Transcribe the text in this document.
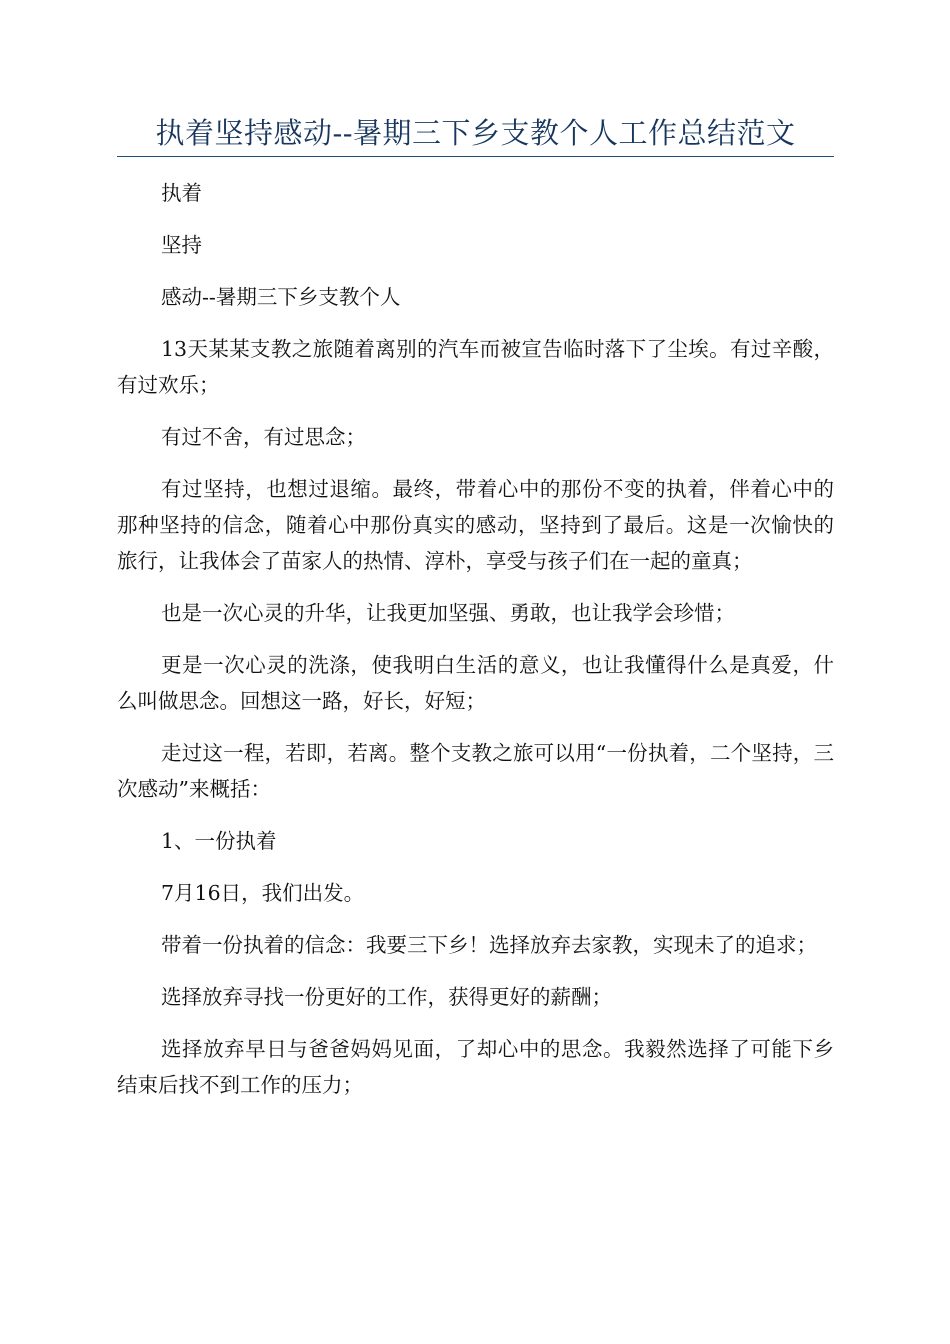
执着坚持感动--暑期三下乡支教个人工作总结范文

执着

坚持

感动--暑期三下乡支教个人

13天某某支教之旅随着离别的汽车而被宣告临时落下了尘埃。有过辛酸，有过欢乐；

有过不舍，有过思念；

有过坚持，也想过退缩。最终，带着心中的那份不变的执着，伴着心中的那种坚持的信念，随着心中那份真实的感动，坚持到了最后。这是一次愉快的旅行，让我体会了苗家人的热情、淳朴，享受与孩子们在一起的童真；

也是一次心灵的升华，让我更加坚强、勇敢，也让我学会珍惜；

更是一次心灵的洗涤，使我明白生活的意义，也让我懂得什么是真爱，什么叫做思念。回想这一路，好长，好短；

走过这一程，若即，若离。整个支教之旅可以用“一份执着，二个坚持，三次感动”来概括：

1、一份执着

7月16日，我们出发。

带着一份执着的信念：我要三下乡！选择放弃去家教，实现未了的追求；

选择放弃寻找一份更好的工作，获得更好的薪酬；

选择放弃早日与爸爸妈妈见面，了却心中的思念。我毅然选择了可能下乡结束后找不到工作的压力；
